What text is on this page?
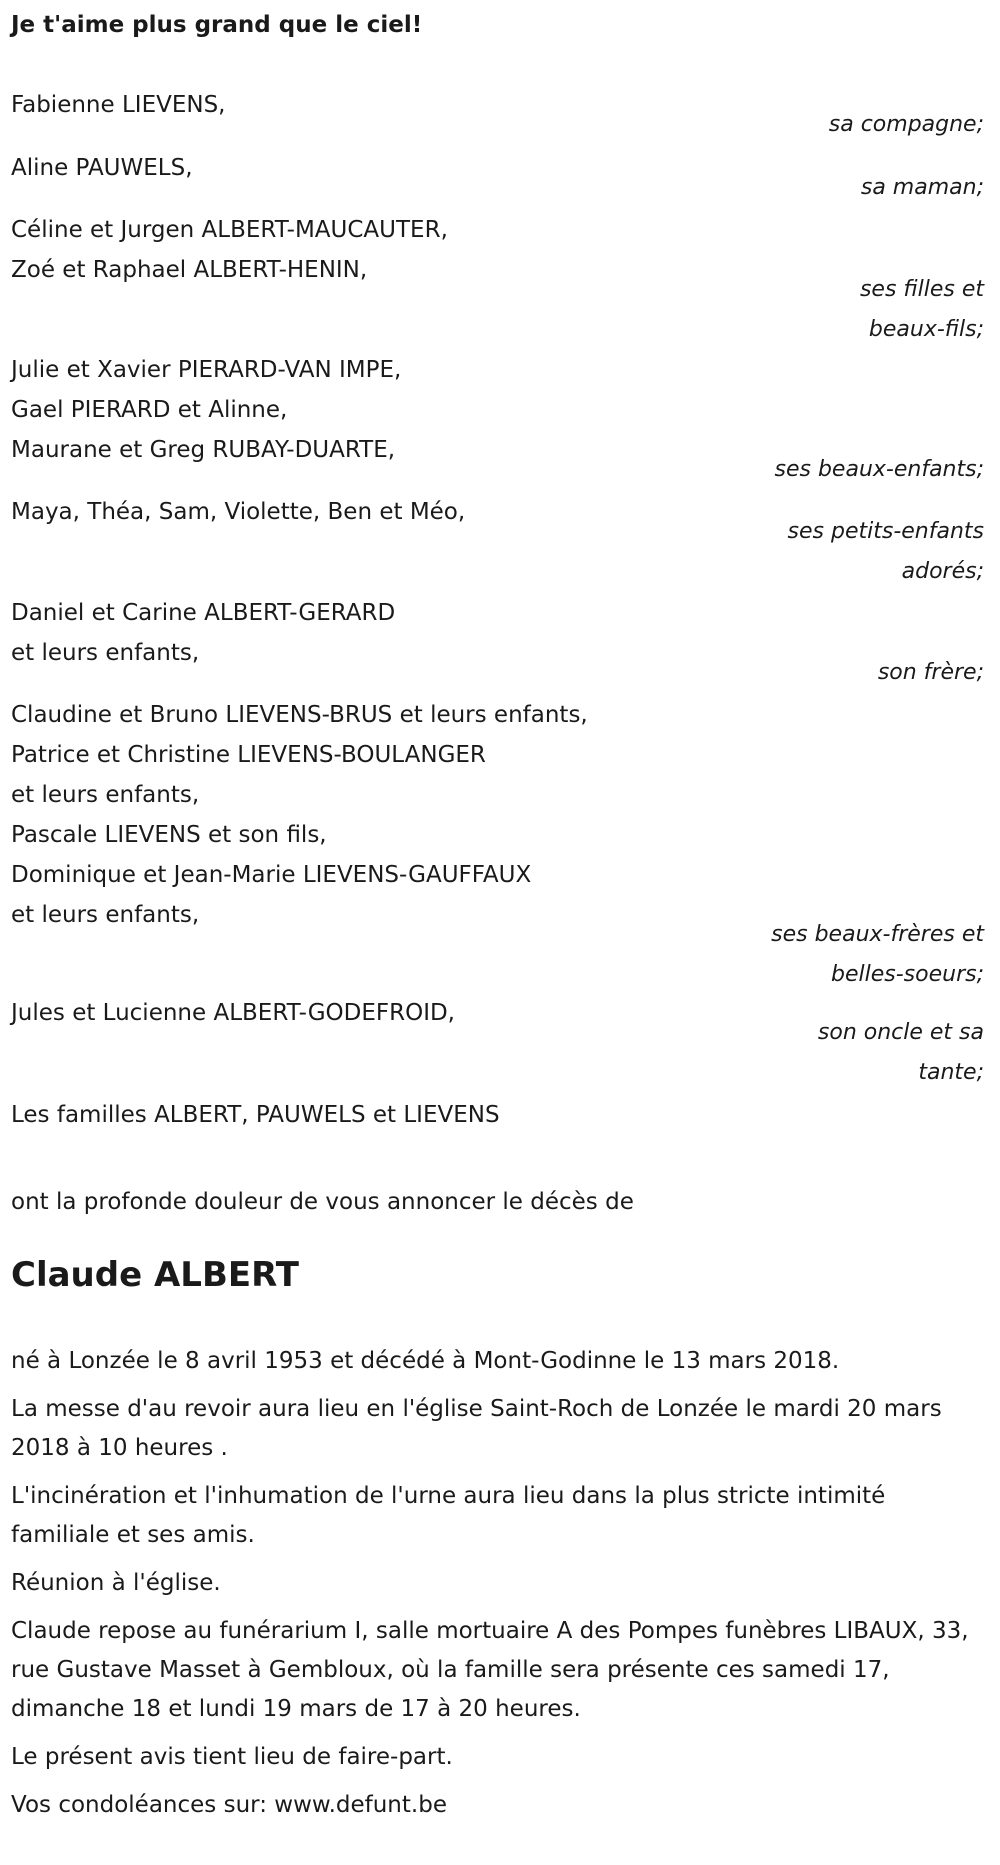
Je t'aime plus grand que le ciel!
Fabienne LIEVENS,
sa compagne;
Aline PAUWELS,
sa maman;
Céline et Jurgen ALBERT-MAUCAUTER,
Zoé et Raphael ALBERT-HENIN,
ses filles et
beaux-fils;
Julie et Xavier PIERARD-VAN IMPE,
Gael PIERARD et Alinne,
Maurane et Greg RUBAY-DUARTE,
ses beaux-enfants;
Maya, Théa, Sam, Violette, Ben et Méo,
ses petits-enfants
adorés;
Daniel et Carine ALBERT-GERARD
et leurs enfants,
son frère;
Claudine et Bruno LIEVENS-BRUS et leurs enfants,
Patrice et Christine LIEVENS-BOULANGER
et leurs enfants,
Pascale LIEVENS et son fils,
Dominique et Jean-Marie LIEVENS-GAUFFAUX
et leurs enfants,
ses beaux-frères et
belles-soeurs;
Jules et Lucienne ALBERT-GODEFROID,
son oncle et sa
tante;
Les familles ALBERT, PAUWELS et LIEVENS
ont la profonde douleur de vous annoncer le décès de
Claude ALBERT

né à Lonzée le 8 avril 1953 et décédé à Mont-Godinne le 13 mars 2018.

La messe d'au revoir aura lieu en l'église Saint-Roch de Lonzée le mardi 20 mars 2018 à 10 heures .

L'incinération et l'inhumation de l'urne aura lieu dans la plus stricte intimité familiale et ses amis.

Réunion à l'église.

Claude repose au funérarium I, salle mortuaire A des Pompes funèbres LIBAUX, 33, rue Gustave Masset à Gembloux, où la famille sera présente ces samedi 17, dimanche 18 et lundi 19 mars de 17 à 20 heures.

Le présent avis tient lieu de faire-part.

Vos condoléances sur: www.defunt.be
